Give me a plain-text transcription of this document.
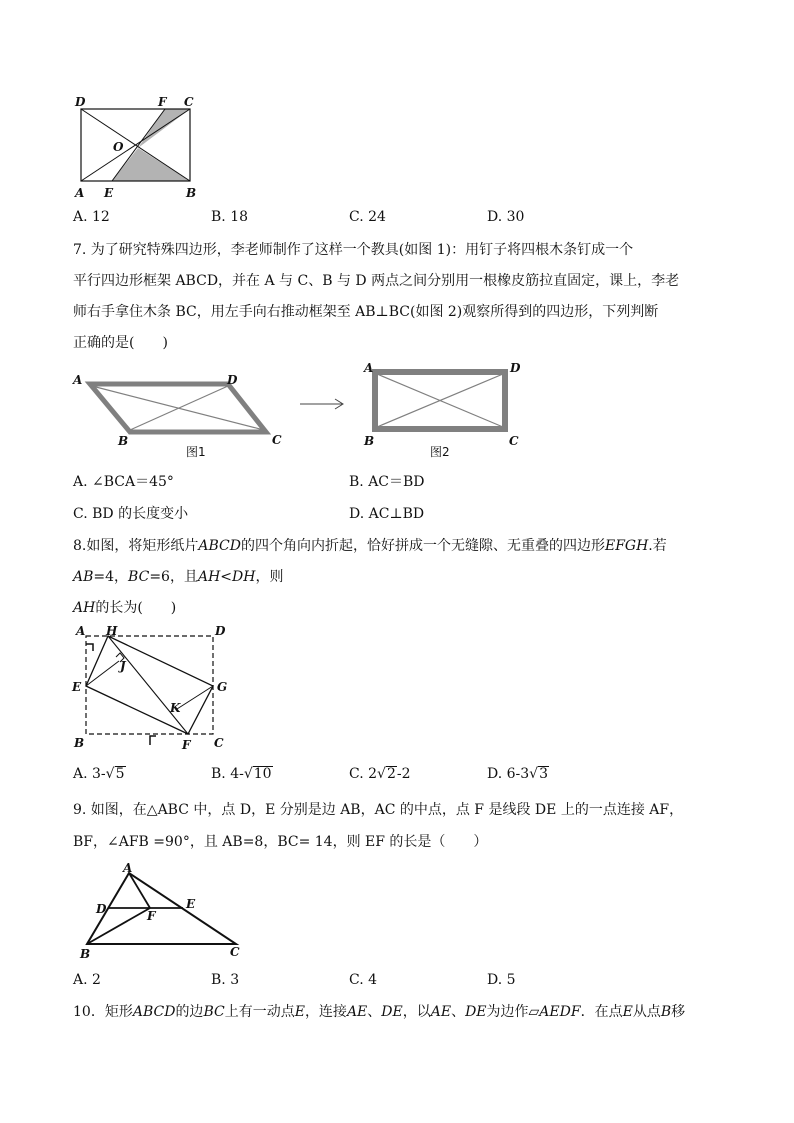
D	F C
O
A E	B
A. 12	B. 18	C. 24	D. 30
7. 为了研究特殊四边形，李老师制作了这样一个教具(如图 1)：用钉子将四根木条钉成一个
平行四边形框架 ABCD，并在 A 与 C、B 与 D 两点之间分别用一根橡皮筋拉直固定，课上，李老
师右手拿住木条 BC，用左手向右推动框架至 AB⊥BC(如图 2)观察所得到的四边形，下列判断
正确的是(　　)
A	D
B	C
图1
A	D
B	C
图2
A. ∠BCA＝45°	B. AC＝BD
C. BD 的长度变小	D. AC⊥BD
8.如图，将矩形纸片ABCD的四个角向内折起，恰好拼成一个无缝隙、无重叠的四边形EFGH.若
AB=4，BC=6，且AH<DH，则
AH的长为(　　)
A H	D
J
E	G
K
B	F C
A. 3-√5	B. 4-√10	C. 2√2-2	D. 6-3√3
9. 如图，在△ABC 中，点 D，E 分别是边 AB，AC 的中点，点 F 是线段 DE 上的一点连接 AF，
BF，∠AFB =90°，且 AB=8，BC= 14，则 EF 的长是（　　）
A
D	E
F
B	C
A. 2	B. 3	C. 4	D. 5
10．矩形ABCD的边BC上有一动点E，连接AE、DE，以AE、DE为边作▱AEDF．在点E从点B移
